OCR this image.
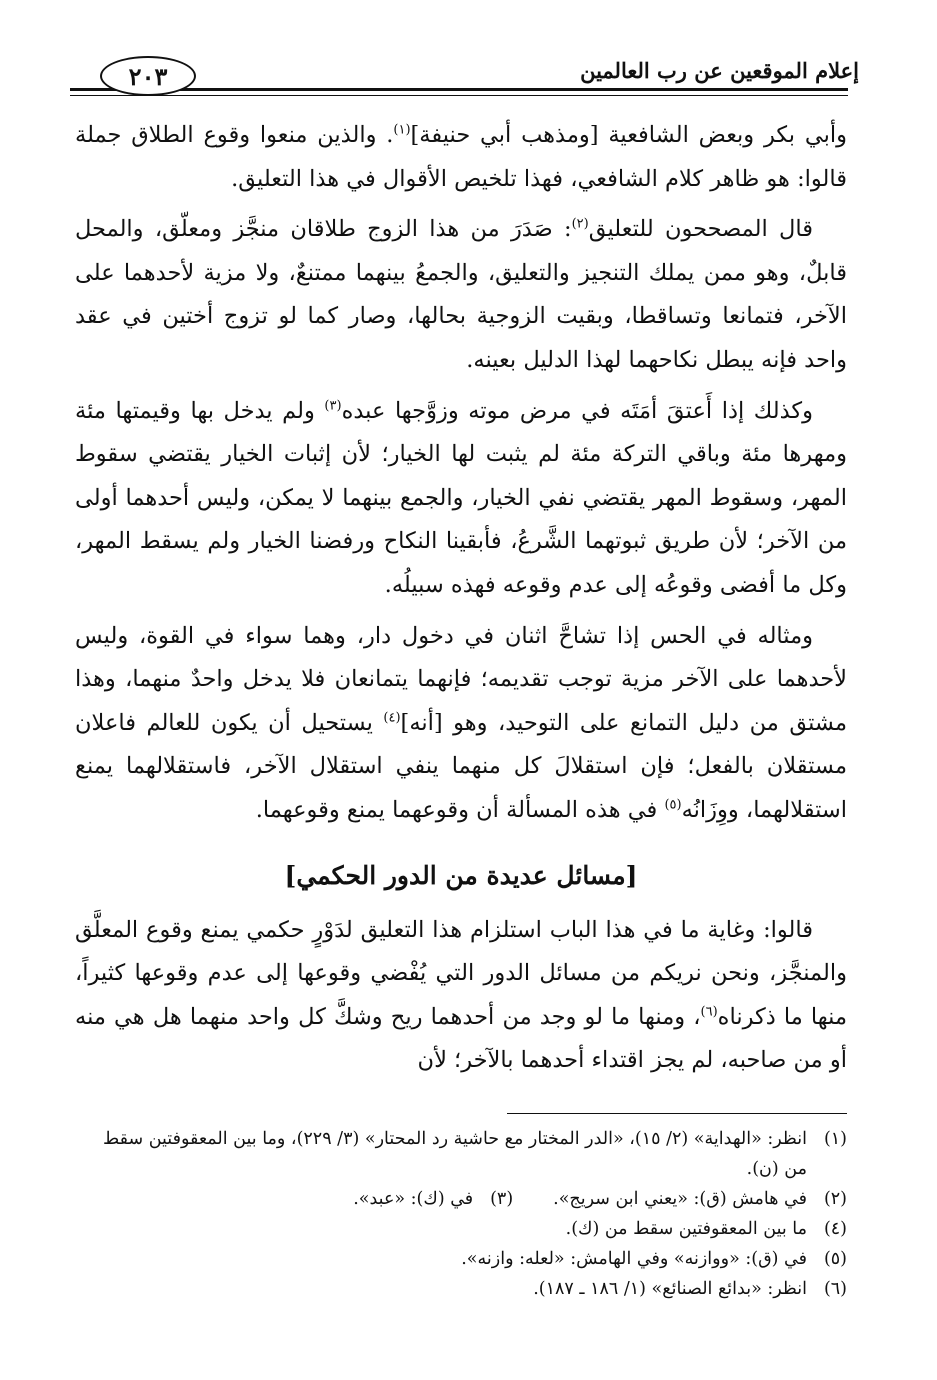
إعلام الموقعين عن رب العالمين
٢٠٣

وأبي بكر وبعض الشافعية [ومذهب أبي حنيفة]$^{(١)}$. والذين منعوا وقوع الطلاق جملة قالوا: هو ظاهر كلام الشافعي، فهذا تلخيص الأقوال في هذا التعليق.

قال المصححون للتعليق$^{(٢)}$: صَدَرَ من هذا الزوج طلاقان منجَّز ومعلّق، والمحل قابلٌ، وهو ممن يملك التنجيز والتعليق، والجمعُ بينهما ممتنعٌ، ولا مزية لأحدهما على الآخر، فتمانعا وتساقطا، وبقيت الزوجية بحالها، وصار كما لو تزوج أختين في عقد واحد فإنه يبطل نكاحهما لهذا الدليل بعينه.

وكذلك إذا أَعتقَ أمَتَه في مرض موته وزوَّجها عبده$^{(٣)}$ ولم يدخل بها وقيمتها مئة ومهرها مئة وباقي التركة مئة لم يثبت لها الخيار؛ لأن إثبات الخيار يقتضي سقوط المهر، وسقوط المهر يقتضي نفي الخيار، والجمع بينهما لا يمكن، وليس أحدهما أولى من الآخر؛ لأن طريق ثبوتهما الشَّرعُ، فأبقينا النكاح ورفضنا الخيار ولم يسقط المهر، وكل ما أفضى وقوعُه إلى عدم وقوعه فهذه سبيلُه.

ومثاله في الحس إذا تشاحَّ اثنان في دخول دار، وهما سواء في القوة، وليس لأحدهما على الآخر مزية توجب تقديمه؛ فإنهما يتمانعان فلا يدخل واحدٌ منهما، وهذا مشتق من دليل التمانع على التوحيد، وهو [أنه]$^{(٤)}$ يستحيل أن يكون للعالم فاعلان مستقلان بالفعل؛ فإن استقلالَ كل منهما ينفي استقلال الآخر، فاستقلالهما يمنع استقلالهما، ووِزَانُه$^{(٥)}$ في هذه المسألة أن وقوعهما يمنع وقوعهما.

[مسائل عديدة من الدور الحكمي]

قالوا: وغاية ما في هذا الباب استلزام هذا التعليق لدَوْرٍ حكمي يمنع وقوع المعلَّق والمنجَّز، ونحن نريكم من مسائل الدور التي يُفْضي وقوعها إلى عدم وقوعها كثيراً، منها ما ذكرناه$^{(٦)}$، ومنها ما لو وجد من أحدهما ريح وشكَّ كل واحد منهما هل هي منه أو من صاحبه، لم يجز اقتداء أحدهما بالآخر؛ لأن

(١)
انظر: «الهداية» (٢/ ١٥)، «الدر المختار مع حاشية رد المحتار» (٣/ ٢٢٩)، وما بين المعقوفتين سقط من (ن).
(٢)
في هامش (ق): «يعني ابن سريج».
(٣)
في (ك): «عبد».
(٤)
ما بين المعقوفتين سقط من (ك).
(٥)
في (ق): «ووازنه» وفي الهامش: «لعله: وازنه».
(٦)
انظر: «بدائع الصنائع» (١/ ١٨٦ ـ ١٨٧).
